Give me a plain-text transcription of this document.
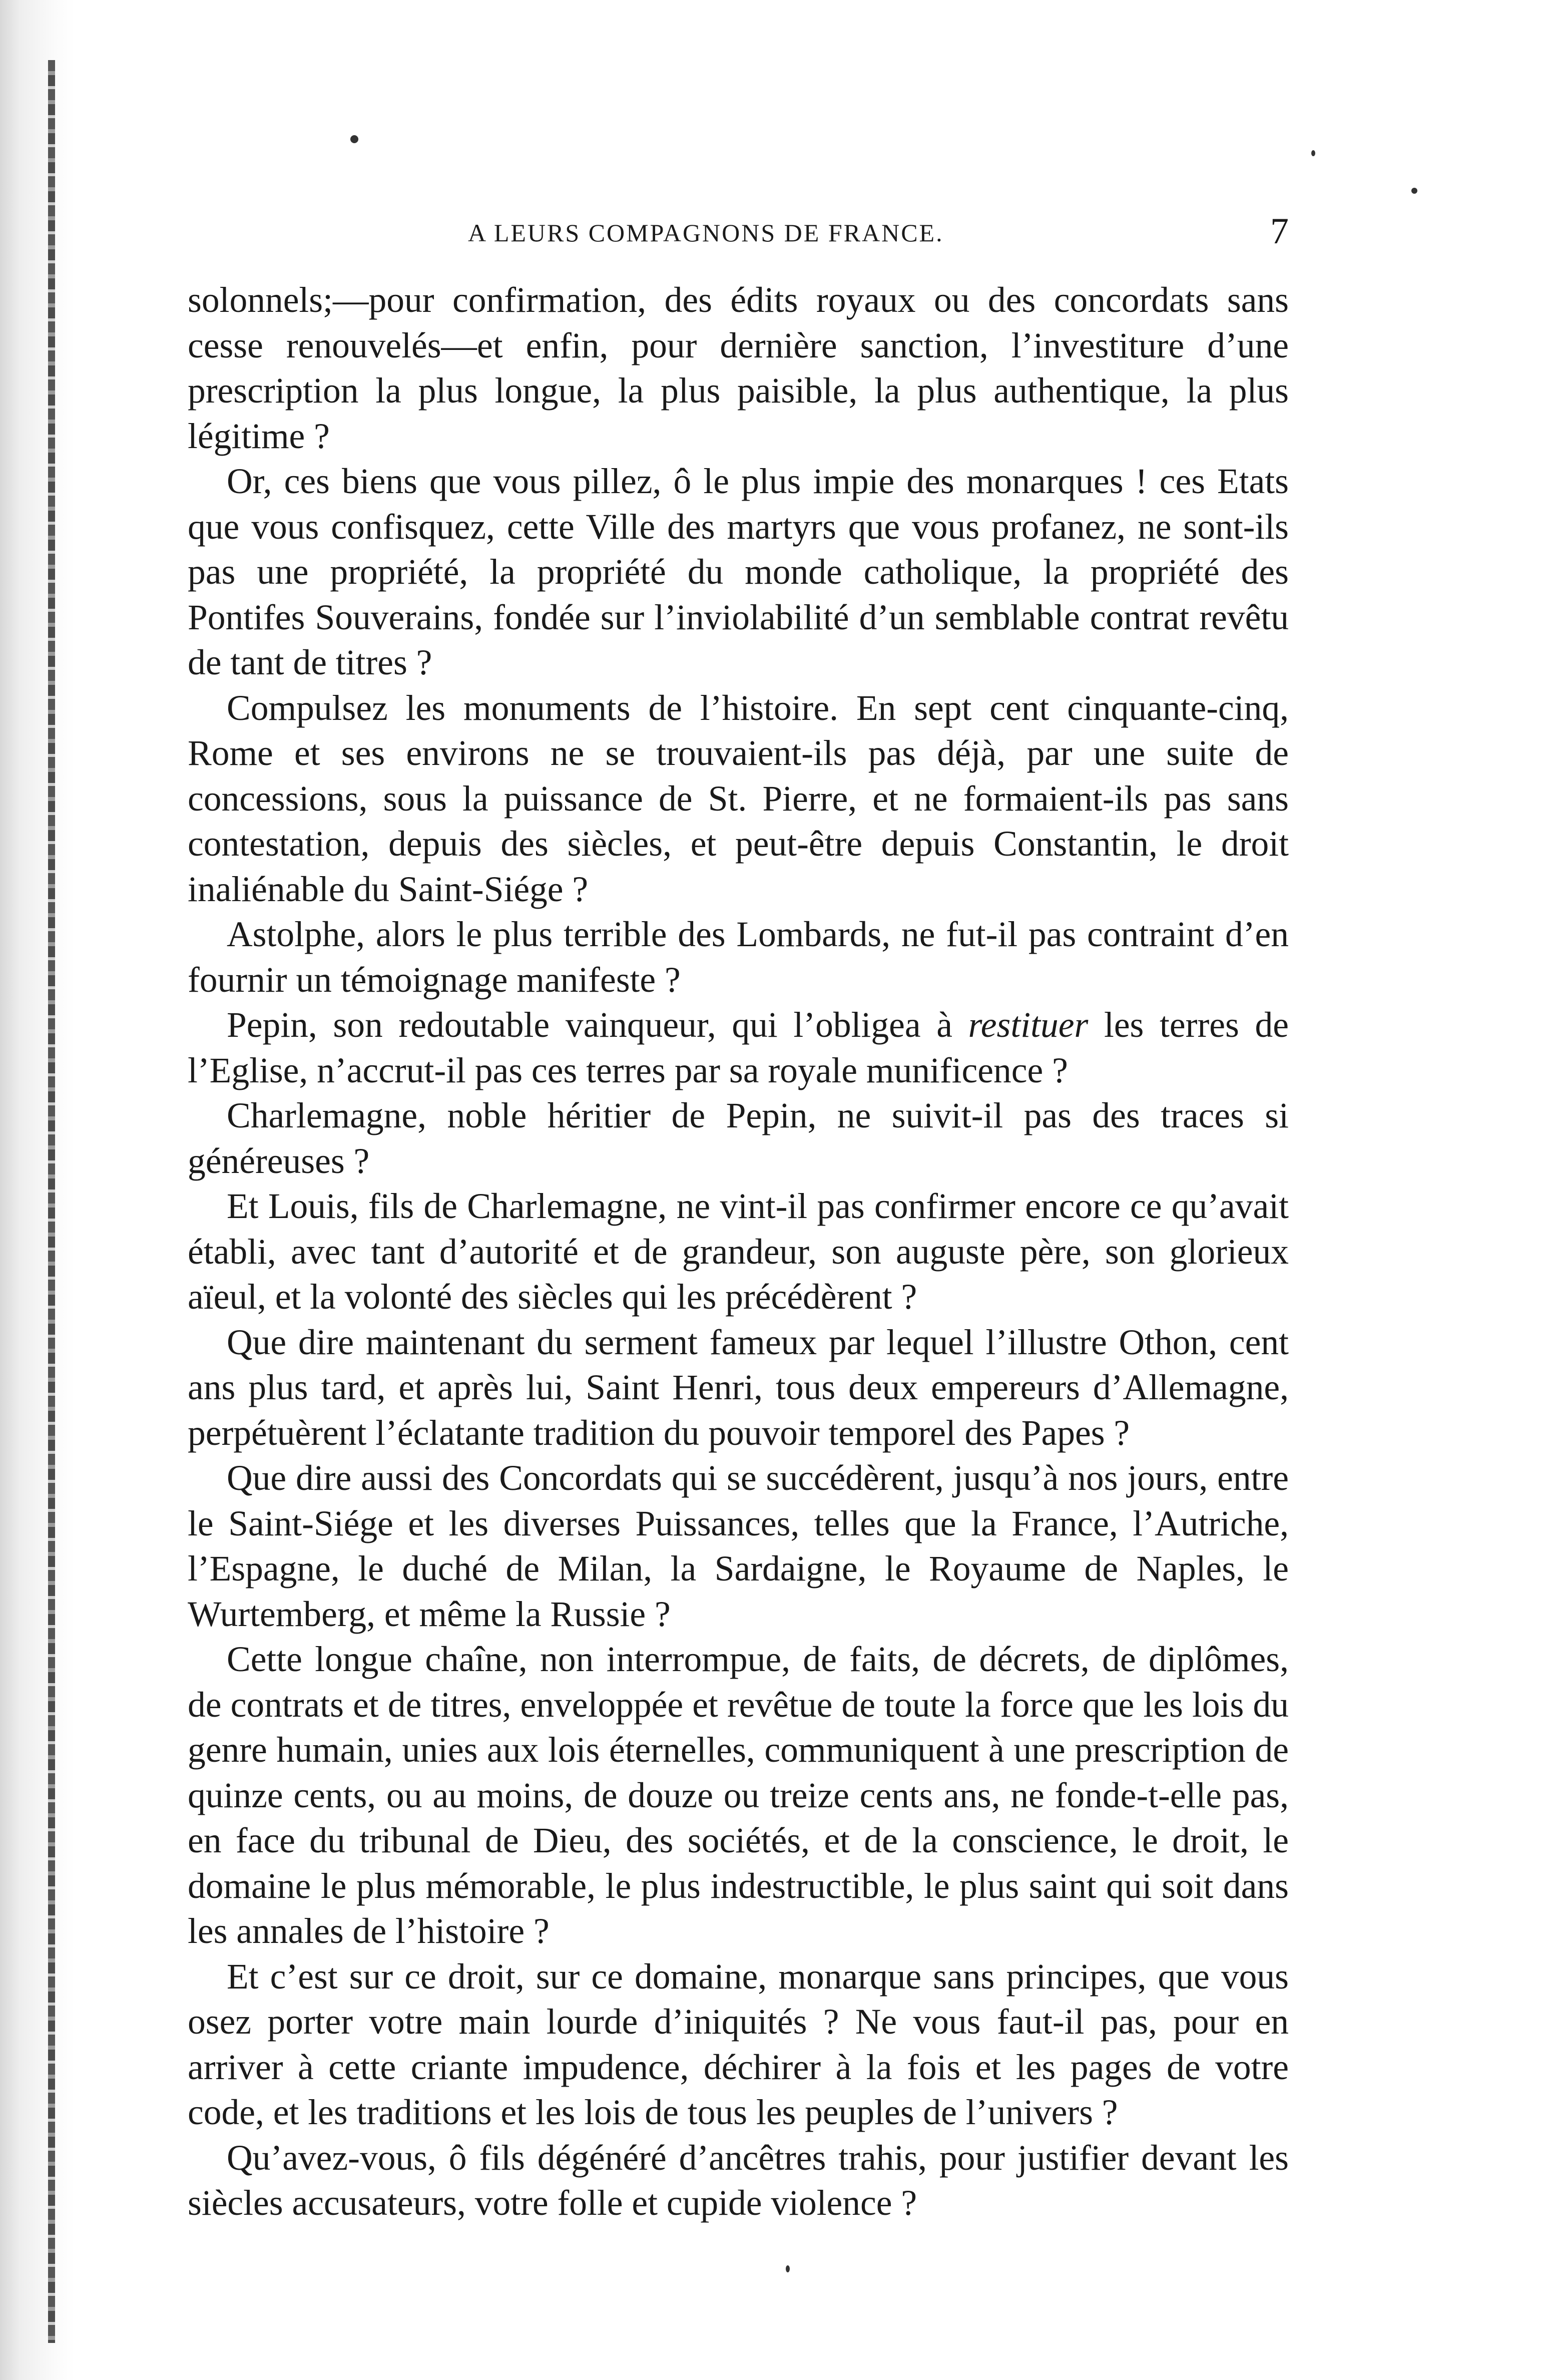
A LEURS COMPAGNONS DE FRANCE.	7

solonnels;—pour confirmation, des édits royaux ou des concordats sans cesse renouvelés—et enfin, pour dernière sanction, l’investiture d’une prescription la plus longue, la plus paisible, la plus authentique, la plus légitime ?

Or, ces biens que vous pillez, ô le plus impie des monarques ! ces Etats que vous confisquez, cette Ville des martyrs que vous profanez, ne sont-ils pas une propriété, la propriété du monde catholique, la propriété des Pontifes Souverains, fondée sur l’inviolabilité d’un semblable contrat revêtu de tant de titres ?

Compulsez les monuments de l’histoire. En sept cent cinquante-cinq, Rome et ses environs ne se trouvaient-ils pas déjà, par une suite de concessions, sous la puissance de St. Pierre, et ne formaient-ils pas sans contestation, depuis des siècles, et peut-être depuis Constantin, le droit inaliénable du Saint-Siége ?

Astolphe, alors le plus terrible des Lombards, ne fut-il pas contraint d’en fournir un témoignage manifeste ?

Pepin, son redoutable vainqueur, qui l’obligea à restituer les terres de l’Eglise, n’accrut-il pas ces terres par sa royale munificence ?

Charlemagne, noble héritier de Pepin, ne suivit-il pas des traces si généreuses ?

Et Louis, fils de Charlemagne, ne vint-il pas confirmer encore ce qu’avait établi, avec tant d’autorité et de grandeur, son auguste père, son glorieux aïeul, et la volonté des siècles qui les précédèrent ?

Que dire maintenant du serment fameux par lequel l’illustre Othon, cent ans plus tard, et après lui, Saint Henri, tous deux empereurs d’Allemagne, perpétuèrent l’éclatante tradition du pouvoir temporel des Papes ?

Que dire aussi des Concordats qui se succédèrent, jusqu’à nos jours, entre le Saint-Siége et les diverses Puissances, telles que la France, l’Autriche, l’Espagne, le duché de Milan, la Sardaigne, le Royaume de Naples, le Wurtemberg, et même la Russie ?

Cette longue chaîne, non interrompue, de faits, de décrets, de diplômes, de contrats et de titres, enveloppée et revêtue de toute la force que les lois du genre humain, unies aux lois éternelles, communiquent à une prescription de quinze cents, ou au moins, de douze ou treize cents ans, ne fonde-t-elle pas, en face du tribunal de Dieu, des sociétés, et de la conscience, le droit, le domaine le plus mémorable, le plus indestructible, le plus saint qui soit dans les annales de l’histoire ?

Et c’est sur ce droit, sur ce domaine, monarque sans principes, que vous osez porter votre main lourde d’iniquités ? Ne vous faut-il pas, pour en arriver à cette criante impudence, déchirer à la fois et les pages de votre code, et les traditions et les lois de tous les peuples de l’univers ?

Qu’avez-vous, ô fils dégénéré d’ancêtres trahis, pour justifier devant les siècles accusateurs, votre folle et cupide violence ?
